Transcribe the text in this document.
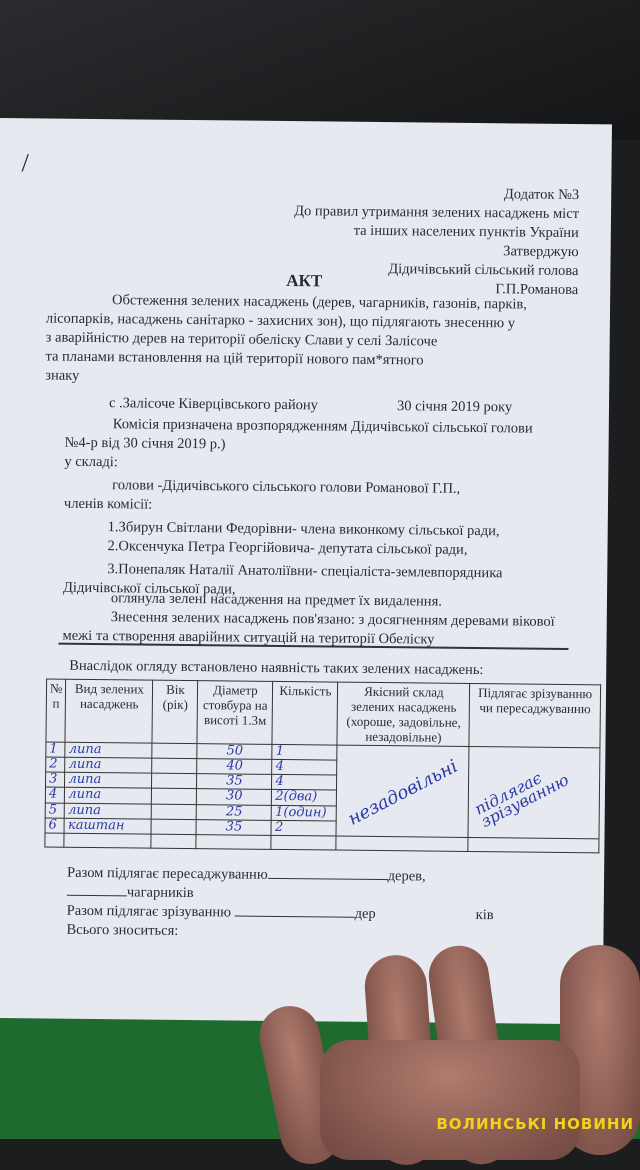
/
Додаток №3
До правил утримання зелених насаджень міст
та інших населених пунктів України
Затверджую
Дідичівський сільський голова
Г.П.Романова
АКТ
Обстеження зелених насаджень (дерев, чагарників, газонів, парків,
лісопарків, насаджень санітарко - захисних зон), що підлягають знесенню у
з аварійністю дерев на території обеліску Слави у селі Залісоче
та планами встановлення на цій території нового пам*ятного
знаку
с .Залісоче Ківерцівського району	30 січня 2019 року
Комісія призначена врозпорядженням Дідичівської сільської голови
№4-р від 30 січня 2019 р.)
у складі:
голови -Дідичівського сільського голови Романової Г.П.,
членів комісії:
1.Збирун Світлани Федорівни- члена виконкому сільської ради,
2.Оксенчука Петра Георгійовича- депутата сільської ради,
3.Понепаляк Наталії Анатоліївни- спеціаліста-землевпорядника
Дідичівської сільської ради,
оглянула зелені насадження на предмет їх видалення.
Знесення зелених насаджень пов'язано: з досягненням деревами вікової
межі та створення аварійних ситуацій на території Обеліску
Внаслідок огляду встановлено наявність таких зелених насаджень:
№ п	Вид зелених насаджень	Вік (рік)	Діаметр стовбура на висоті 1.3м	Кількість	Якісний склад зелених насаджень (хороше, задовільне, незадовільне)	Підлягає зрізуванню чи пересаджуванню
1	липа		50	1	незадовільні	підлягає зрізуванню

2	липа		40	4		
3	липа		35	4		
4	липа		30	2(два)		
5	липа		25	1(один)		
6	каштан		35	2		

Разом підлягає пересаджуванню	дерев,
чагарників
Разом підлягає зрізуванню	дер	ків
Всього зноситься:
ВОЛИНСЬКІ НОВИНИ
